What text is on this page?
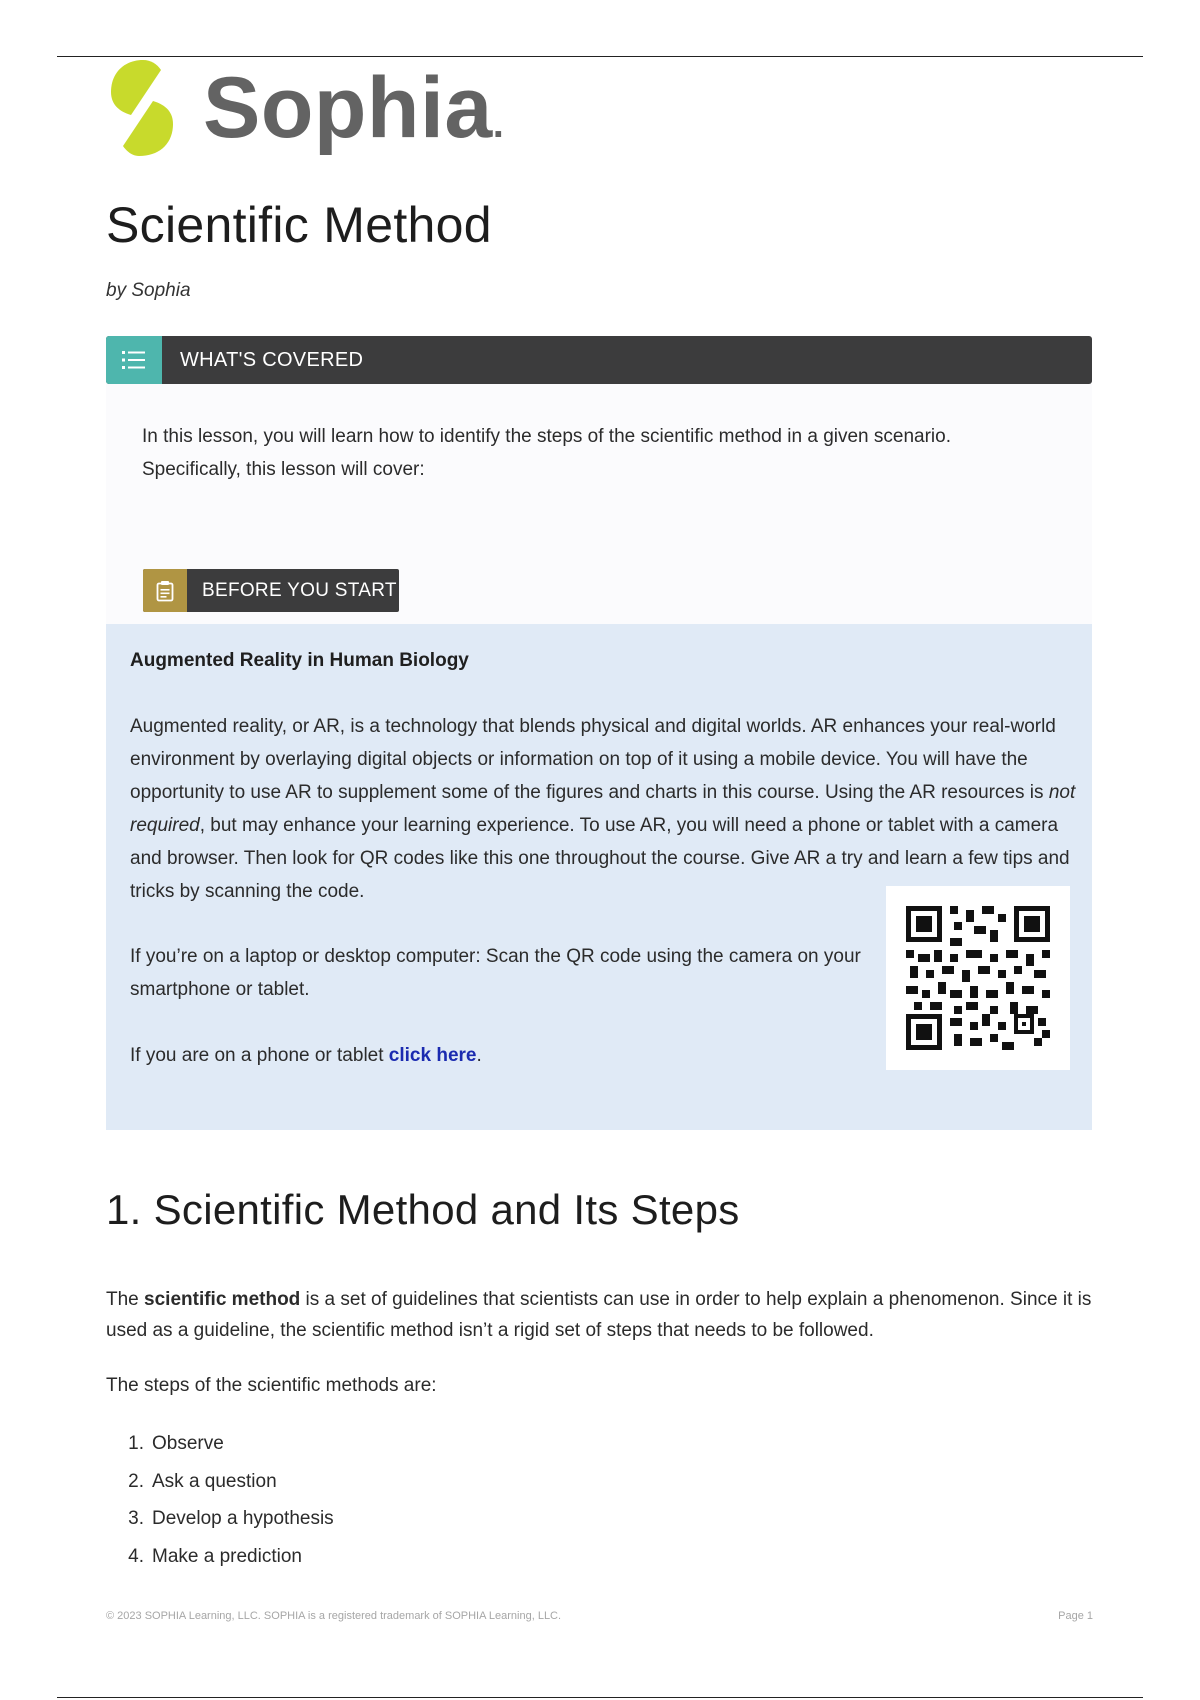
Sophia.
Scientific Method
by Sophia
WHAT'S COVERED
In this lesson, you will learn how to identify the steps of the scientific method in a given scenario.
Specifically, this lesson will cover:
BEFORE YOU START
Augmented Reality in Human Biology

Augmented reality, or AR, is a technology that blends physical and digital worlds. AR enhances your real-world environment by overlaying digital objects or information on top of it using a mobile device. You will have the opportunity to use AR to supplement some of the figures and charts in this course. Using the AR resources is not required, but may enhance your learning experience. To use AR, you will need a phone or tablet with a camera and browser. Then look for QR codes like this one throughout the course. Give AR a try and learn a few tips and tricks by scanning the code.

If you’re on a laptop or desktop computer: Scan the QR code using the camera on your smartphone or tablet.

If you are on a phone or tablet click here.

1. Scientific Method and Its Steps

The scientific method is a set of guidelines that scientists can use in order to help explain a phenomenon. Since it is used as a guideline, the scientific method isn’t a rigid set of steps that needs to be followed.

The steps of the scientific methods are:

1. Observe
2. Ask a question
3. Develop a hypothesis
4. Make a prediction
© 2023 SOPHIA Learning, LLC. SOPHIA is a registered trademark of SOPHIA Learning, LLC.	Page 1
